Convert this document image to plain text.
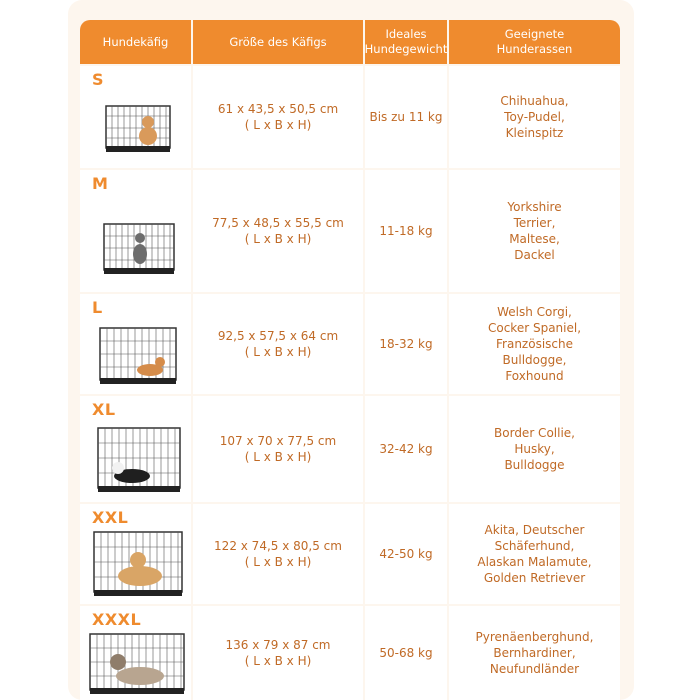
Hundekäfig	Größe des Käfigs
Ideales
Hundegewicht
Geeignete
Hunderassen
S
61 x 43,5 x 50,5 cm
( L x B x H)
Bis zu 11 kg
Chihuahua,
Toy-Pudel,
Kleinspitz
M
77,5 x 48,5 x 55,5 cm
( L x B x H)
11-18 kg
Yorkshire
Terrier,
Maltese,
Dackel
L
92,5 x 57,5 x 64 cm
( L x B x H)
18-32 kg
Welsh Corgi,
Cocker Spaniel,
Französische
Bulldogge,
Foxhound
XL
107 x 70 x 77,5 cm
( L x B x H)
32-42 kg
Border Collie,
Husky,
Bulldogge
XXL
122 x 74,5 x 80,5 cm
( L x B x H)
42-50 kg
Akita, Deutscher
Schäferhund,
Alaskan Malamute,
Golden Retriever
XXXL
136 x 79 x 87 cm
( L x B x H)
50-68 kg
Pyrenäenberghund,
Bernhardiner,
Neufundländer
